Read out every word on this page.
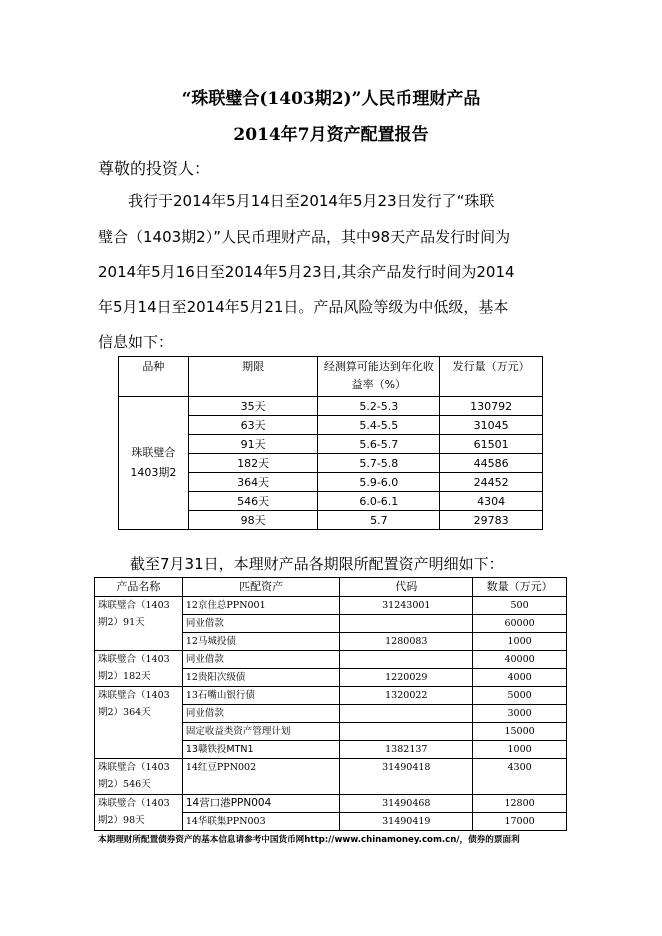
“珠联璧合(1403期2)”人民币理财产品
2014年7月资产配置报告
尊敬的投资人：
　　我行于2014年5月14日至2014年5月23日发行了“珠联
璧合（1403期2）”人民币理财产品，其中98天产品发行时间为
2014年5月16日至2014年5月23日,其余产品发行时间为2014
年5月14日至2014年5月21日。产品风险等级为中低级，基本
信息如下：
品种	期限	经测算可能达到年化收益率（%）	发行量（万元）
珠联璧合1403期2	35天	5.2-5.3	130792
	63天	5.4-5.5	31045
	91天	5.6-5.7	61501
	182天	5.7-5.8	44586
	364天	5.9-6.0	24452
	546天	6.0-6.1	4304
	98天	5.7	29783
截至7月31日，本理财产品各期限所配置资产明细如下：
产品名称	匹配资产	代码	数量（万元）
珠联璧合（1403期2）91天	12京住总PPN001	31243001	500
	同业借款		60000
	12马城投债	1280083	1000
珠联璧合（1403期2）182天	同业借款		40000
	12贵阳次级债	1220029	4000
珠联璧合（1403期2）364天	13石嘴山银行债	1320022	5000
	同业借款		3000
	固定收益类资产管理计划		15000
	13赣铁投MTN1	1382137	1000
珠联璧合（1403期2）546天	14红豆PPN002	31490418	4300
珠联璧合（1403期2）98天	14营口港PPN004	31490468	12800
	14华联集PPN003	31490419	17000
本期理财所配置债券资产的基本信息请参考中国货币网http://www.chinamoney.com.cn/，债券的票面利
